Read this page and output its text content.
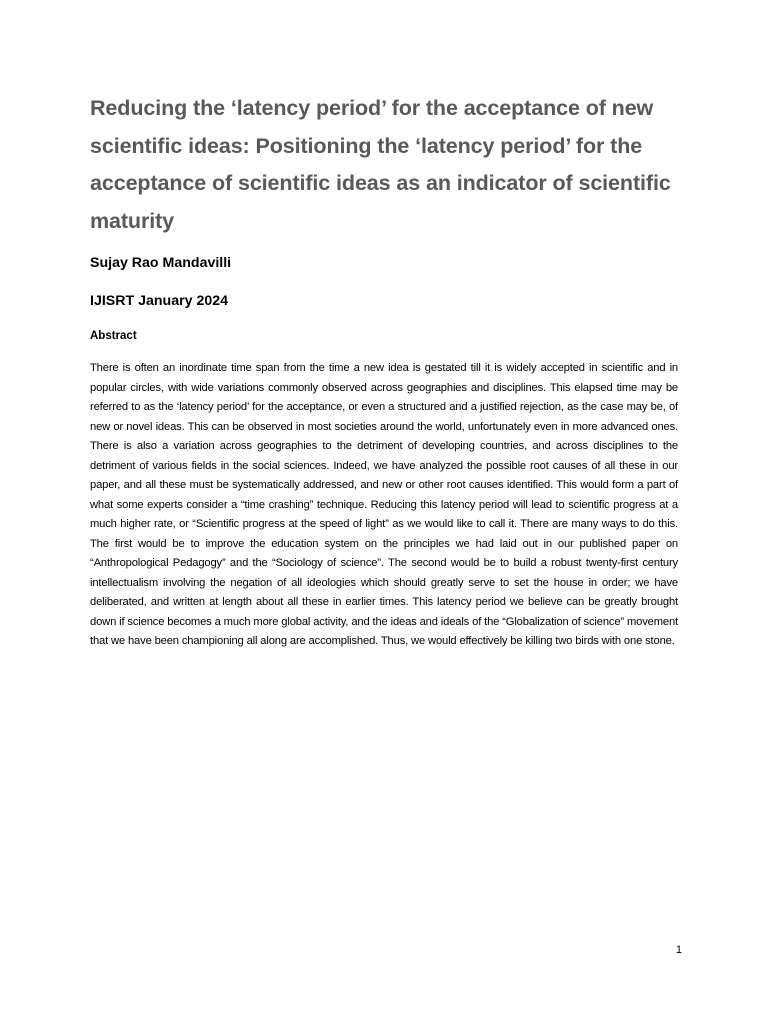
Reducing the ‘latency period’ for the acceptance of new scientific ideas: Positioning the ‘latency period’ for the acceptance of scientific ideas as an indicator of scientific maturity
Sujay Rao Mandavilli
IJISRT January 2024
Abstract

There is often an inordinate time span from the time a new idea is gestated till it is widely accepted in scientific and in popular circles, with wide variations commonly observed across geographies and disciplines. This elapsed time may be referred to as the ‘latency period’ for the acceptance, or even a structured and a justified rejection, as the case may be, of new or novel ideas. This can be observed in most societies around the world, unfortunately even in more advanced ones. There is also a variation across geographies to the detriment of developing countries, and across disciplines to the detriment of various fields in the social sciences. Indeed, we have analyzed the possible root causes of all these in our paper, and all these must be systematically addressed, and new or other root causes identified. This would form a part of what some experts consider a “time crashing” technique. Reducing this latency period will lead to scientific progress at a much higher rate, or “Scientific progress at the speed of light” as we would like to call it. There are many ways to do this. The first would be to improve the education system on the principles we had laid out in our published paper on “Anthropological Pedagogy” and the “Sociology of science”. The second would be to build a robust twenty-first century intellectualism involving the negation of all ideologies which should greatly serve to set the house in order; we have deliberated, and written at length about all these in earlier times. This latency period we believe can be greatly brought down if science becomes a much more global activity, and the ideas and ideals of the “Globalization of science” movement that we have been championing all along are accomplished. Thus, we would effectively be killing two birds with one stone.

1
